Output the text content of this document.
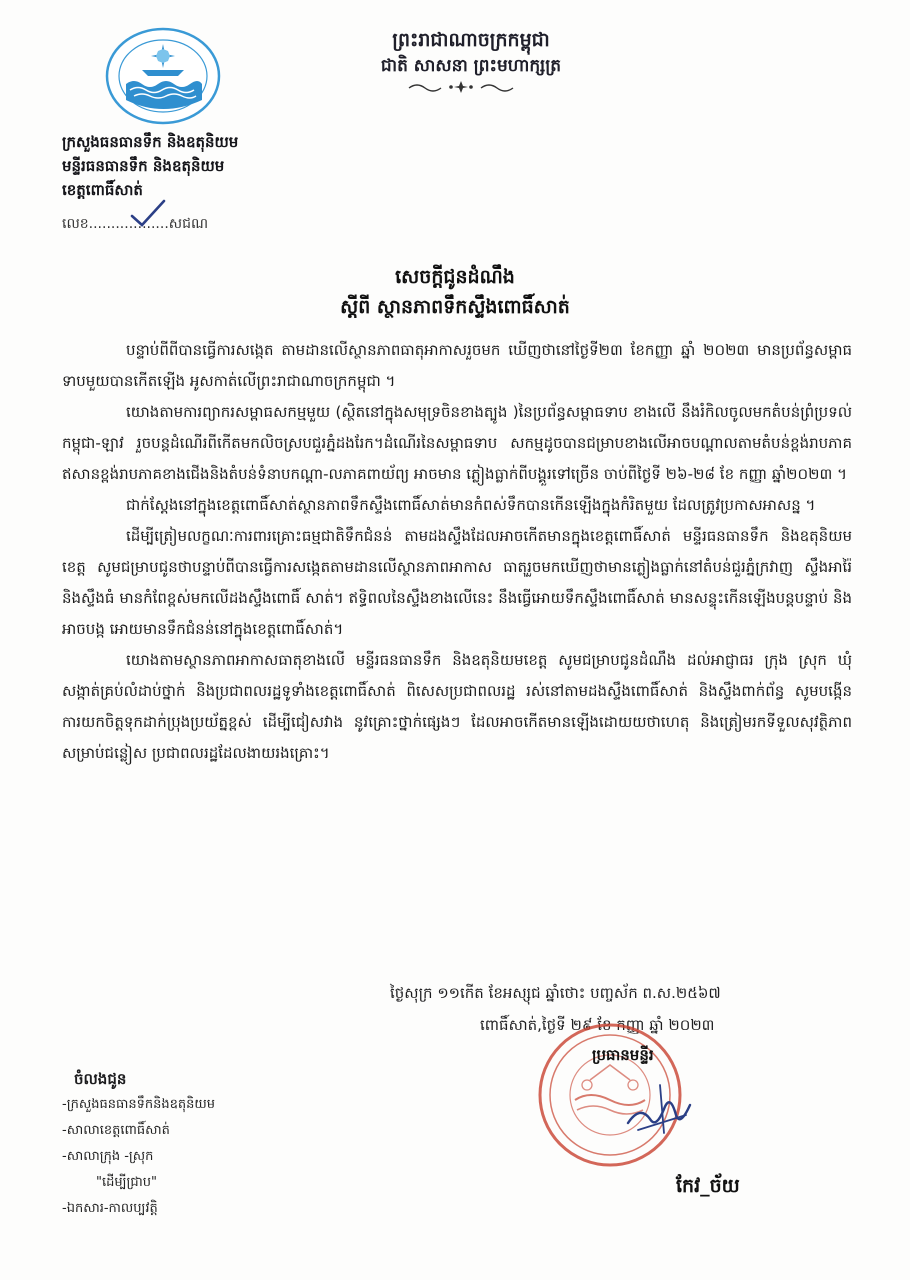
ព្រះរាជាណាចក្រកម្ពុជា
ជាតិ សាសនា ព្រះមហាក្សត្រ
ក្រសួងធនធានទឹក និងឧតុនិយម
មន្ទីរធនធានទឹក និងឧតុនិយម
ខេត្តពោធិ៍សាត់
លេខ..................សជណ
សេចក្តីជូនដំណឹង
ស្តីពី ស្ថានភាពទឹកស្ទឹងពោធិ៍សាត់

បន្ទាប់ពីពីបានធ្វើការសង្កេត តាមដានលើស្ថានភាពធាតុអាកាសរួចមក ឃើញថានៅថ្ងៃទី២៣ ខែកញ្ញា ឆ្នាំ ២០២៣ មានប្រព័ន្ធសម្ពាធទាបមួយបានកើតឡើង អូសកាត់លើព្រះរាជាណាចក្រកម្ពុជា ។

យោងតាមការព្យាករសម្ពាធសកម្មមួយ (ស្ថិតនៅក្នុងសមុទ្រចិនខាងត្បូង )នៃប្រព័ន្ធសម្ពាធទាប ខាងលើ នឹងរំកិលចូលមកតំបន់ព្រំប្រទល់កម្ពុជា-ឡាវ រួចបន្តដំណើរពីកើតមកលិចស្របជួរភ្នំដងរែក។ដំណើរនៃសម្ពាធទាប សកម្មដូចបានជម្រាបខាងលើអាចបណ្តាលតាមតំបន់ខ្ពង់រាបភាគឥសានខ្ពង់រាបភាគខាងជើងនិងតំបន់ទំនាបកណ្តា-លភាគពាយ័ព្យ អាចមាន ភ្លៀងធ្លាក់ពីបង្គួរទៅច្រើន ចាប់ពីថ្ងៃទី ២៦-២៨ ខែ កញ្ញា ឆ្នាំ២០២៣ ។

ជាក់ស្តែងនៅក្នុងខេត្តពោធិ៍សាត់ស្ថានភាពទឹកស្ទឹងពោធិ៍សាត់មានកំពស់ទឹកបានកើនឡើងក្នុងកំរិតមួយ ដែលត្រូវប្រកាសអាសន្ន ។

ដើម្បីត្រៀមលក្ខណៈការពារគ្រោះធម្មជាតិទឹកជំនន់ តាមដងស្ទឹងដែលអាចកើតមានក្នុងខេត្តពោធិ៍សាត់ មន្ទីរធនធានទឹក និងឧតុនិយមខេត្ត សូមជម្រាបជូនថាបន្ទាប់ពីបានធ្វើការសង្កេតតាមដានលើស្ថានភាពអាកាស ធាតុរួចមកឃើញថាមានភ្លៀងធ្លាក់នៅតំបន់ជួរភ្នំក្រវាញ ស្ទឹងអារ៉ៃ និងស្ទឹងធំ មានកំពែខ្ពស់មកលើដងស្ទឹងពោធិ៍ សាត់។ ឥទ្ធិពលនៃស្ទឹងខាងលើនេះ នឹងធ្វើអោយទឹកស្ទឹងពោធិ៍សាត់ មានសន្ទុះកើនឡើងបន្តបន្ទាប់ និងអាចបង្ក អោយមានទឹកជំនន់នៅក្នុងខេត្តពោធិ៍សាត់។

យោងតាមស្ថានភាពអាកាសធាតុខាងលើ មន្ទីរធនធានទឹក និងឧតុនិយមខេត្ត សូមជម្រាបជូនដំណឹង ដល់អាជ្ញាធរ ក្រុង ស្រុក ឃុំ សង្កាត់គ្រប់លំដាប់ថ្នាក់ និងប្រជាពលរដ្ឋទូទាំងខេត្តពោធិ៍សាត់ ពិសេសប្រជាពលរដ្ឋ រស់នៅតាមដងស្ទឹងពោធិ៍សាត់ និងស្ទឹងពាក់ព័ន្ធ សូមបង្កើនការយកចិត្តទុកដាក់ប្រុងប្រយ័ត្នខ្ពស់ ដើម្បីជៀសវាង នូវគ្រោះថ្នាក់ផ្សេងៗ ដែលអាចកើតមានឡើងដោយយថាហេតុ និងត្រៀមរកទីទួលសុវត្ថិភាព សម្រាប់ជន្លៀស ប្រជាពលរដ្ឋដែលងាយរងគ្រោះ។

ថ្ងៃសុក្រ ១១កើត ខែអស្សុជ ឆ្នាំថោះ បញ្ចស័ក ព.ស.២៥៦៧
ពោធិ៍សាត់,ថ្ងៃទី ២៩ ខែ កញ្ញា ឆ្នាំ ២០២៣
ប្រធានមន្ទីរ
កែវ_ច័យ
ចំលងជូន
-ក្រសួងធនធានទឹកនិងឧតុនិយម
-សាលាខេត្តពោធិ៍សាត់
-សាលាក្រុង -ស្រុក
"ដើម្បីជ្រាប"
-ឯកសារ-កាលប្បវត្តិ
